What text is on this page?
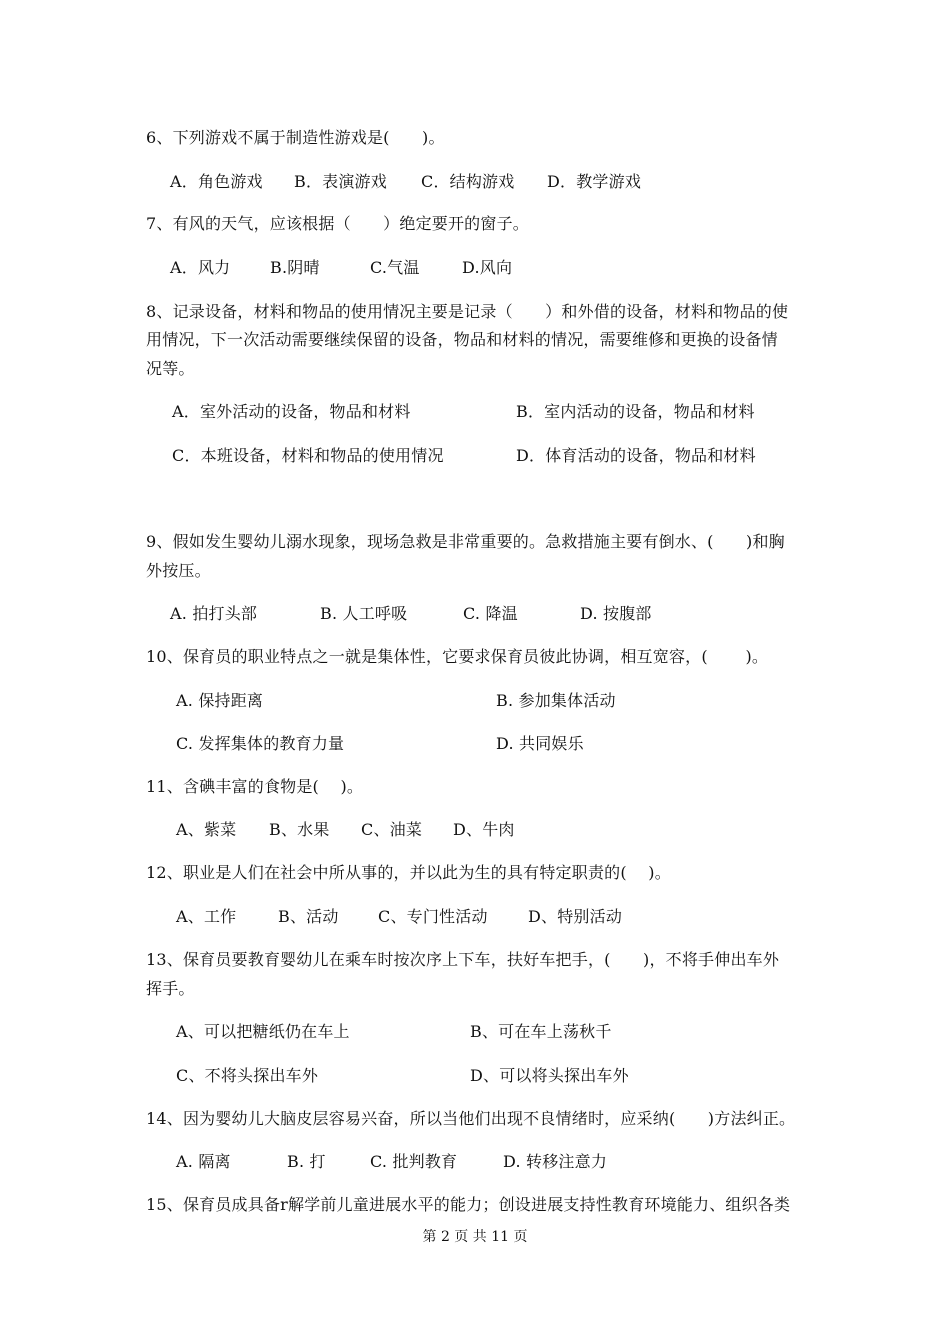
6、下列游戏不属于制造性游戏是(　　)。
A．角色游戏 B．表演游戏 C．结构游戏 D．教学游戏
7、有风的天气，应该根据（　　）绝定要开的窗子。
A．风力 B.阴晴	C.气温	D.风向
8、记录设备，材料和物品的使用情况主要是记录（　　）和外借的设备，材料和物品的使
用情况，下一次活动需要继续保留的设备，物品和材料的情况，需要维修和更换的设备情
况等。
A．室外活动的设备，物品和材料	B．室内活动的设备，物品和材料
C．本班设备，材料和物品的使用情况	D．体育活动的设备，物品和材料
9、假如发生婴幼儿溺水现象，现场急救是非常重要的。急救措施主要有倒水、(　　)和胸
外按压。
A. 拍打头部	B. 人工呼吸	C. 降温	D. 按腹部
10、保育员的职业特点之一就是集体性，它要求保育员彼此协调，相互宽容，(　　 )。
A. 保持距离	B. 参加集体活动
C. 发挥集体的教育力量	D. 共同娱乐
11、含碘丰富的食物是(　 )。
A、紫菜 B、水果 C、油菜 D、牛肉
12、职业是人们在社会中所从事的，并以此为生的具有特定职责的(　 )。
A、工作	B、活动 C、专门性活动	D、特别活动
13、保育员要教育婴幼儿在乘车时按次序上下车，扶好车把手，(　　)，不将手伸出车外
挥手。
A、可以把糖纸仍在车上	B、可在车上荡秋千
C、不将头探出车外	D、可以将头探出车外
14、因为婴幼儿大脑皮层容易兴奋，所以当他们出现不良情绪时，应采纳(　　)方法纠正。
A. 隔离	B. 打	C. 批判教育	D. 转移注意力
15、保育员成具备r解学前儿童进展水平的能力；创设进展支持性教育环境能力、组织各类
第 2 页 共 11 页
